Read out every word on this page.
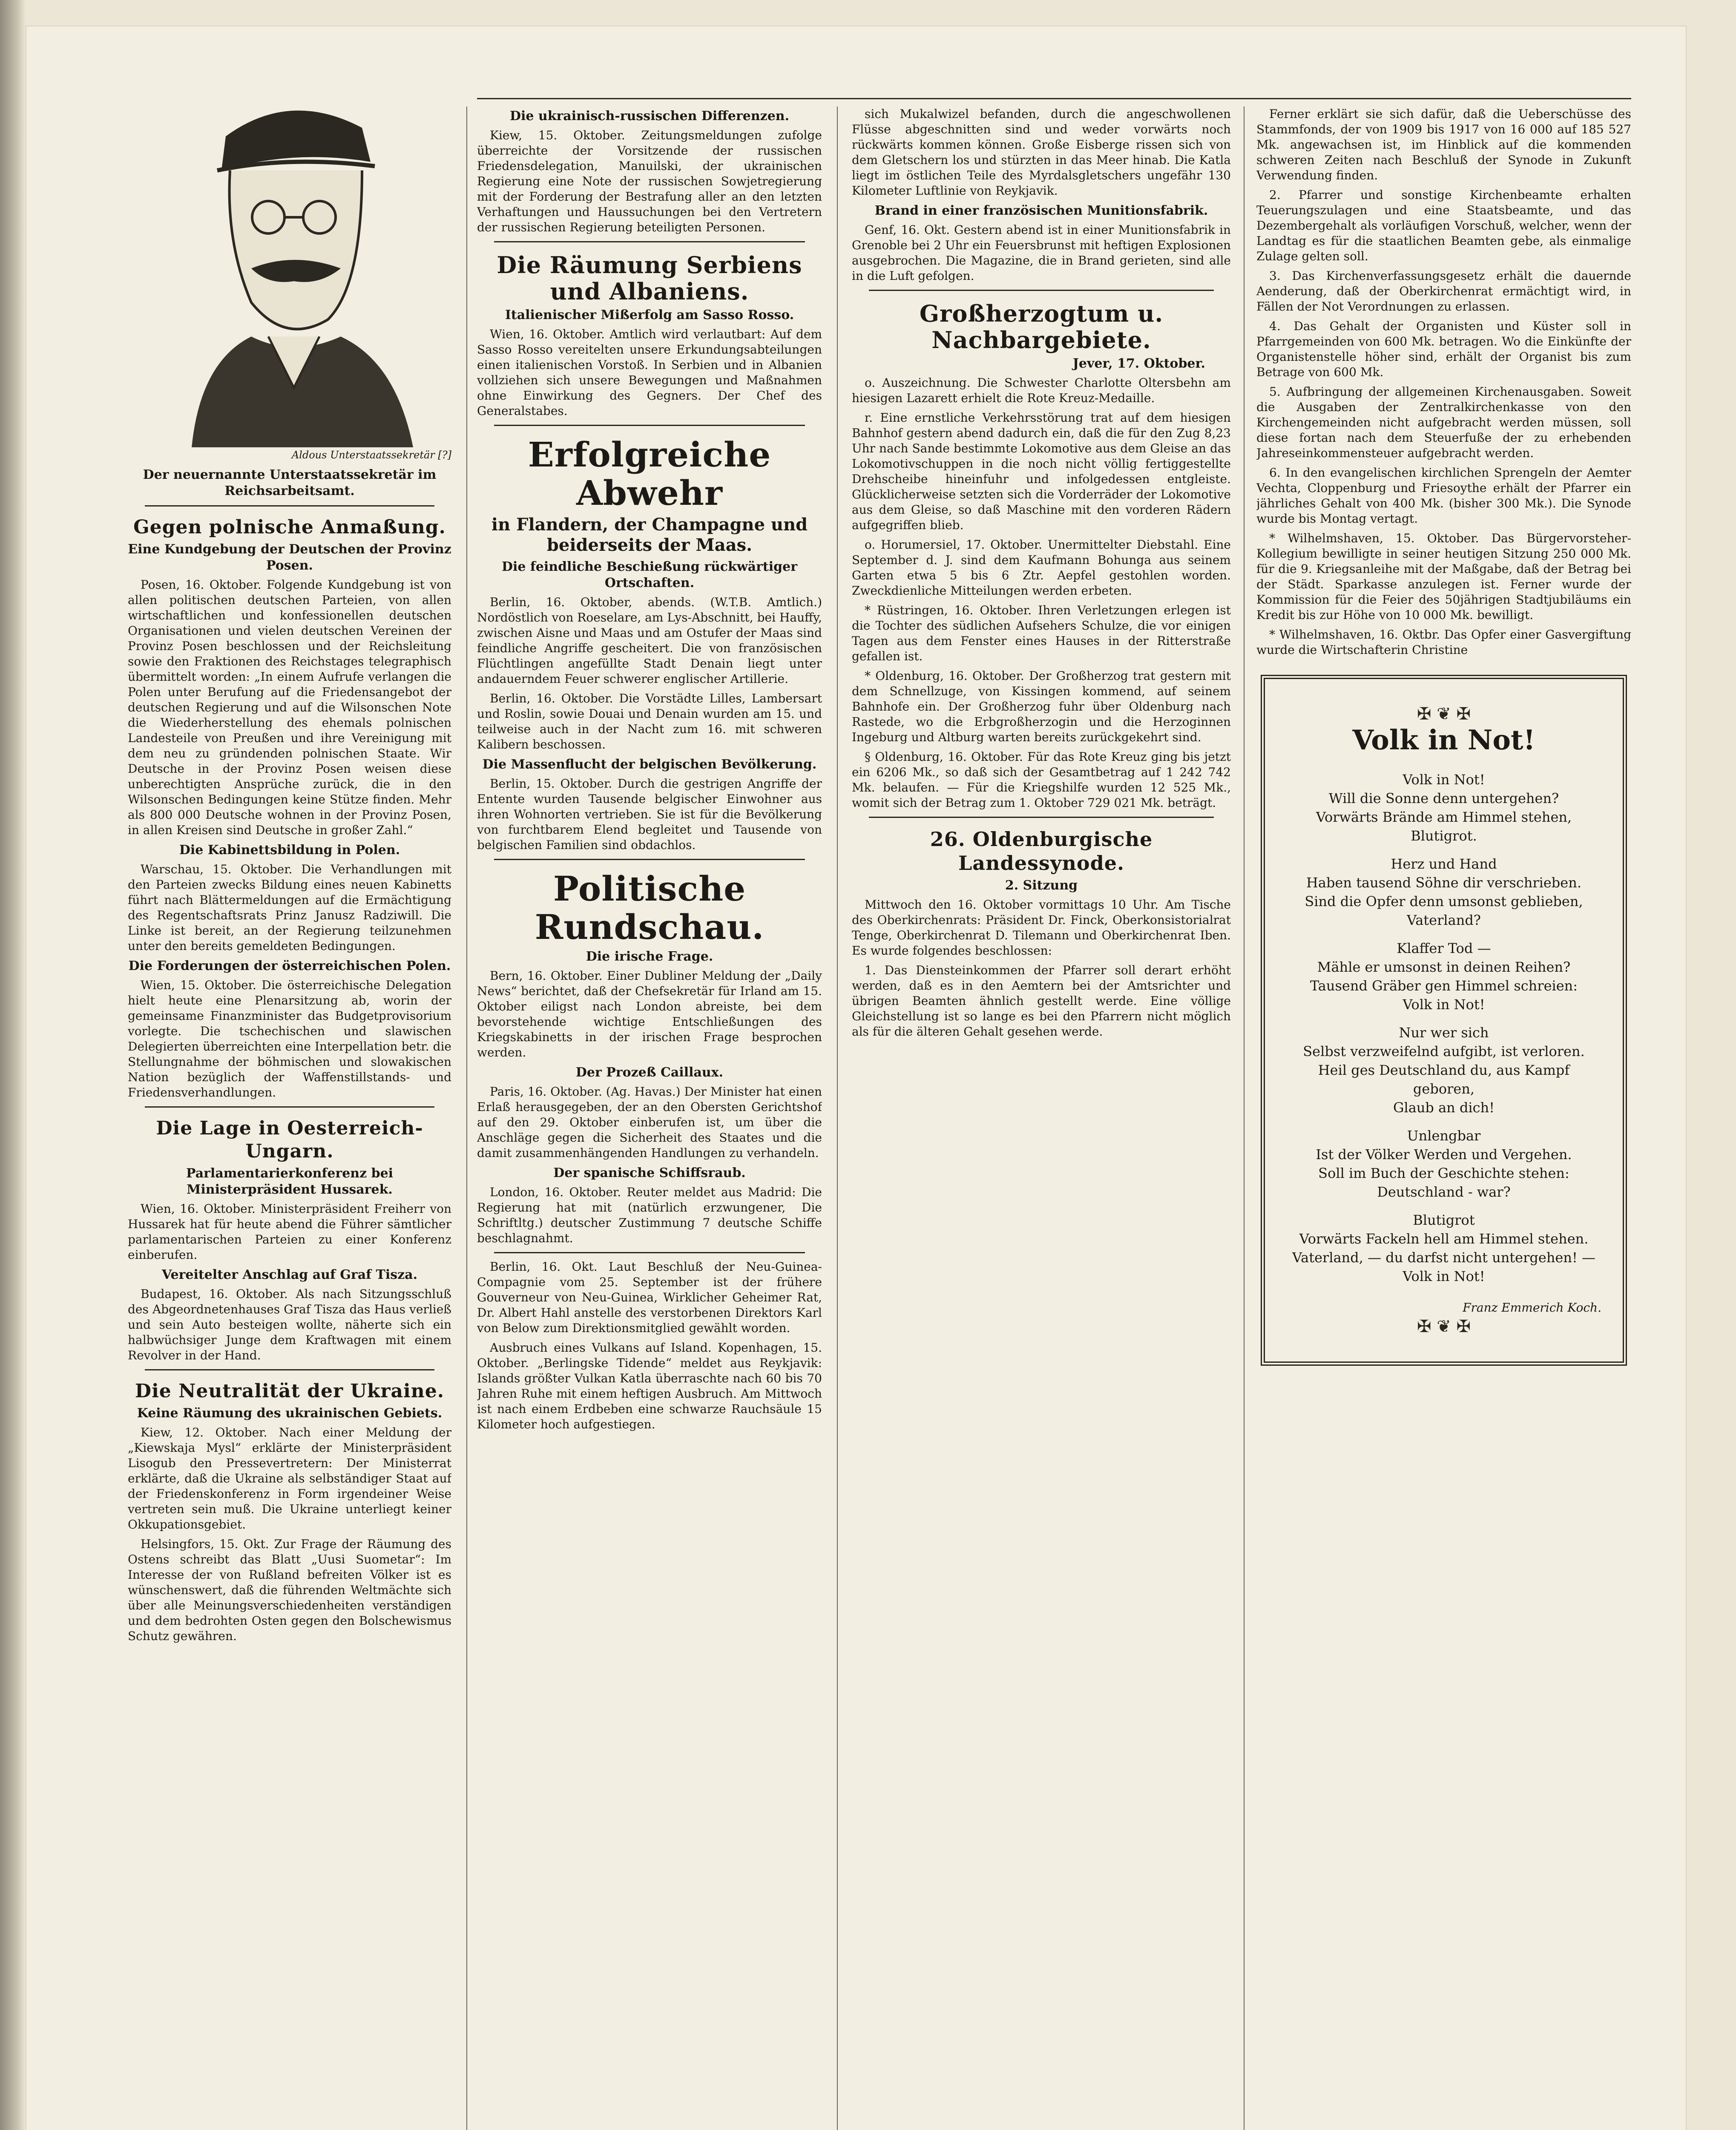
Aldous Unterstaatssekretär [?]
Der neuernannte Unterstaatssekretär im Reichsarbeitsamt.
Gegen polnische Anmaßung.
Eine Kundgebung der Deutschen der Provinz Posen.

Posen, 16. Oktober. Folgende Kundgebung ist von allen politischen deutschen Parteien, von allen wirtschaftlichen und konfessionellen deutschen Organisationen und vielen deutschen Vereinen der Provinz Posen beschlossen und der Reichsleitung sowie den Fraktionen des Reichstages telegraphisch übermittelt worden: „In einem Aufrufe verlangen die Polen unter Berufung auf die Friedensangebot der deutschen Regierung und auf die Wilsonschen Note die Wiederherstellung des ehemals polnischen Landesteile von Preußen und ihre Vereinigung mit dem neu zu gründenden polnischen Staate. Wir Deutsche in der Provinz Posen weisen diese unberechtigten Ansprüche zurück, die in den Wilsonschen Bedingungen keine Stütze finden. Mehr als 800 000 Deutsche wohnen in der Provinz Posen, in allen Kreisen sind Deutsche in großer Zahl.“

Die Kabinettsbildung in Polen.

Warschau, 15. Oktober. Die Verhandlungen mit den Parteien zwecks Bildung eines neuen Kabinetts führt nach Blättermeldungen auf die Ermächtigung des Regentschaftsrats Prinz Janusz Radziwill. Die Linke ist bereit, an der Regierung teilzunehmen unter den bereits gemeldeten Bedingungen.

Die Forderungen der österreichischen Polen.

Wien, 15. Oktober. Die österreichische Delegation hielt heute eine Plenarsitzung ab, worin der gemeinsame Finanzminister das Budgetprovisorium vorlegte. Die tschechischen und slawischen Delegierten überreichten eine Interpellation betr. die Stellungnahme der böhmischen und slowakischen Nation bezüglich der Waffenstillstands- und Friedensverhandlungen.

Die Lage in Oesterreich-Ungarn.
Parlamentarierkonferenz bei Ministerpräsident Hussarek.

Wien, 16. Oktober. Ministerpräsident Freiherr von Hussarek hat für heute abend die Führer sämtlicher parlamentarischen Parteien zu einer Konferenz einberufen.

Vereitelter Anschlag auf Graf Tisza.

Budapest, 16. Oktober. Als nach Sitzungsschluß des Abgeordnetenhauses Graf Tisza das Haus verließ und sein Auto besteigen wollte, näherte sich ein halbwüchsiger Junge dem Kraftwagen mit einem Revolver in der Hand.

Die Neutralität der Ukraine.
Keine Räumung des ukrainischen Gebiets.

Kiew, 12. Oktober. Nach einer Meldung der „Kiewskaja Mysl“ erklärte der Ministerpräsident Lisogub den Pressevertretern: Der Ministerrat erklärte, daß die Ukraine als selbständiger Staat auf der Friedenskonferenz in Form irgendeiner Weise vertreten sein muß. Die Ukraine unterliegt keiner Okkupationsgebiet.

Helsingfors, 15. Okt. Zur Frage der Räumung des Ostens schreibt das Blatt „Uusi Suometar“: Im Interesse der von Rußland befreiten Völker ist es wünschenswert, daß die führenden Weltmächte sich über alle Meinungsverschiedenheiten verständigen und dem bedrohten Osten gegen den Bolschewismus Schutz gewähren.

Die ukrainisch-russischen Differenzen.

Kiew, 15. Oktober. Zeitungsmeldungen zufolge überreichte der Vorsitzende der russischen Friedensdelegation, Manuilski, der ukrainischen Regierung eine Note der russischen Sowjetregierung mit der Forderung der Bestrafung aller an den letzten Verhaftungen und Haussuchungen bei den Vertretern der russischen Regierung beteiligten Personen.

Die Räumung Serbiens und Albaniens.
Italienischer Mißerfolg am Sasso Rosso.

Wien, 16. Oktober. Amtlich wird verlautbart: Auf dem Sasso Rosso vereitelten unsere Erkundungsabteilungen einen italienischen Vorstoß. In Serbien und in Albanien vollziehen sich unsere Bewegungen und Maßnahmen ohne Einwirkung des Gegners. Der Chef des Generalstabes.

Erfolgreiche Abwehr
in Flandern, der Champagne und beiderseits der Maas.
Die feindliche Beschießung rückwärtiger Ortschaften.

Berlin, 16. Oktober, abends. (W.T.B. Amtlich.) Nordöstlich von Roeselare, am Lys-Abschnitt, bei Hauffy, zwischen Aisne und Maas und am Ostufer der Maas sind feindliche Angriffe gescheitert. Die von französischen Flüchtlingen angefüllte Stadt Denain liegt unter andauerndem Feuer schwerer englischer Artillerie.

Berlin, 16. Oktober. Die Vorstädte Lilles, Lambersart und Roslin, sowie Douai und Denain wurden am 15. und teilweise auch in der Nacht zum 16. mit schweren Kalibern beschossen.

Die Massenflucht der belgischen Bevölkerung.

Berlin, 15. Oktober. Durch die gestrigen Angriffe der Entente wurden Tausende belgischer Einwohner aus ihren Wohnorten vertrieben. Sie ist für die Bevölkerung von furchtbarem Elend begleitet und Tausende von belgischen Familien sind obdachlos.

Politische Rundschau.
Die irische Frage.

Bern, 16. Oktober. Einer Dubliner Meldung der „Daily News“ berichtet, daß der Chefsekretär für Irland am 15. Oktober eiligst nach London abreiste, bei dem bevorstehende wichtige Entschließungen des Kriegskabinetts in der irischen Frage besprochen werden.

Der Prozeß Caillaux.

Paris, 16. Oktober. (Ag. Havas.) Der Minister hat einen Erlaß herausgegeben, der an den Obersten Gerichtshof auf den 29. Oktober einberufen ist, um über die Anschläge gegen die Sicherheit des Staates und die damit zusammenhängenden Handlungen zu verhandeln.

Der spanische Schiffsraub.

London, 16. Oktober. Reuter meldet aus Madrid: Die Regierung hat mit (natürlich erzwungener, Die Schriftltg.) deutscher Zustimmung 7 deutsche Schiffe beschlagnahmt.

Berlin, 16. Okt. Laut Beschluß der Neu-Guinea-Compagnie vom 25. September ist der frühere Gouverneur von Neu-Guinea, Wirklicher Geheimer Rat, Dr. Albert Hahl anstelle des verstorbenen Direktors Karl von Below zum Direktionsmitglied gewählt worden.

Ausbruch eines Vulkans auf Island. Kopenhagen, 15. Oktober. „Berlingske Tidende“ meldet aus Reykjavik: Islands größter Vulkan Katla überraschte nach 60 bis 70 Jahren Ruhe mit einem heftigen Ausbruch. Am Mittwoch ist nach einem Erdbeben eine schwarze Rauchsäule 15 Kilometer hoch aufgestiegen.

sich Mukalwizel befanden, durch die angeschwollenen Flüsse abgeschnitten sind und weder vorwärts noch rückwärts kommen können. Große Eisberge rissen sich von dem Gletschern los und stürzten in das Meer hinab. Die Katla liegt im östlichen Teile des Myrdalsgletschers ungefähr 130 Kilometer Luftlinie von Reykjavik.

Brand in einer französischen Munitionsfabrik.

Genf, 16. Okt. Gestern abend ist in einer Munitionsfabrik in Grenoble bei 2 Uhr ein Feuersbrunst mit heftigen Explosionen ausgebrochen. Die Magazine, die in Brand gerieten, sind alle in die Luft gefolgen.

Großherzogtum u. Nachbargebiete.
Jever, 17. Oktober.

o. Auszeichnung. Die Schwester Charlotte Oltersbehn am hiesigen Lazarett erhielt die Rote Kreuz-Medaille.

r. Eine ernstliche Verkehrsstörung trat auf dem hiesigen Bahnhof gestern abend dadurch ein, daß die für den Zug 8,23 Uhr nach Sande bestimmte Lokomotive aus dem Gleise an das Lokomotivschuppen in die noch nicht völlig fertiggestellte Drehscheibe hineinfuhr und infolgedessen entgleiste. Glücklicherweise setzten sich die Vorderräder der Lokomotive aus dem Gleise, so daß Maschine mit den vorderen Rädern aufgegriffen blieb.

o. Horumersiel, 17. Oktober. Unermittelter Diebstahl. Eine September d. J. sind dem Kaufmann Bohunga aus seinem Garten etwa 5 bis 6 Ztr. Aepfel gestohlen worden. Zweckdienliche Mitteilungen werden erbeten.

* Rüstringen, 16. Oktober. Ihren Verletzungen erlegen ist die Tochter des südlichen Aufsehers Schulze, die vor einigen Tagen aus dem Fenster eines Hauses in der Ritterstraße gefallen ist.

* Oldenburg, 16. Oktober. Der Großherzog trat gestern mit dem Schnellzuge, von Kissingen kommend, auf seinem Bahnhofe ein. Der Großherzog fuhr über Oldenburg nach Rastede, wo die Erbgroßherzogin und die Herzoginnen Ingeburg und Altburg warten bereits zurückgekehrt sind.

§ Oldenburg, 16. Oktober. Für das Rote Kreuz ging bis jetzt ein 6206 Mk., so daß sich der Gesamtbetrag auf 1 242 742 Mk. belaufen. — Für die Kriegshilfe wurden 12 525 Mk., womit sich der Betrag zum 1. Oktober 729 021 Mk. beträgt.

26. Oldenburgische Landessynode.
2. Sitzung

Mittwoch den 16. Oktober vormittags 10 Uhr. Am Tische des Oberkirchenrats: Präsident Dr. Finck, Oberkonsistorialrat Tenge, Oberkirchenrat D. Tilemann und Oberkirchenrat Iben. Es wurde folgendes beschlossen:

1. Das Diensteinkommen der Pfarrer soll derart erhöht werden, daß es in den Aemtern bei der Amtsrichter und übrigen Beamten ähnlich gestellt werde. Eine völlige Gleichstellung ist so lange es bei den Pfarrern nicht möglich als für die älteren Gehalt gesehen werde.

Ferner erklärt sie sich dafür, daß die Ueberschüsse des Stammfonds, der von 1909 bis 1917 von 16 000 auf 185 527 Mk. angewachsen ist, im Hinblick auf die kommenden schweren Zeiten nach Beschluß der Synode in Zukunft Verwendung finden.

2. Pfarrer und sonstige Kirchenbeamte erhalten Teuerungszulagen und eine Staatsbeamte, und das Dezembergehalt als vorläufigen Vorschuß, welcher, wenn der Landtag es für die staatlichen Beamten gebe, als einmalige Zulage gelten soll.

3. Das Kirchenverfassungsgesetz erhält die dauernde Aenderung, daß der Oberkirchenrat ermächtigt wird, in Fällen der Not Verordnungen zu erlassen.

4. Das Gehalt der Organisten und Küster soll in Pfarrgemeinden von 600 Mk. betragen. Wo die Einkünfte der Organistenstelle höher sind, erhält der Organist bis zum Betrage von 600 Mk.

5. Aufbringung der allgemeinen Kirchenausgaben. Soweit die Ausgaben der Zentralkirchenkasse von den Kirchengemeinden nicht aufgebracht werden müssen, soll diese fortan nach dem Steuerfuße der zu erhebenden Jahreseinkommensteuer aufgebracht werden.

6. In den evangelischen kirchlichen Sprengeln der Aemter Vechta, Cloppenburg und Friesoythe erhält der Pfarrer ein jährliches Gehalt von 400 Mk. (bisher 300 Mk.). Die Synode wurde bis Montag vertagt.

* Wilhelmshaven, 15. Oktober. Das Bürgervorsteher-Kollegium bewilligte in seiner heutigen Sitzung 250 000 Mk. für die 9. Kriegsanleihe mit der Maßgabe, daß der Betrag bei der Städt. Sparkasse anzulegen ist. Ferner wurde der Kommission für die Feier des 50jährigen Stadtjubiläums ein Kredit bis zur Höhe von 10 000 Mk. bewilligt.

* Wilhelmshaven, 16. Oktbr. Das Opfer einer Gasvergiftung wurde die Wirtschafterin Christine

✠ ❦ ✠
Volk in Not!
Volk in Not!
Will die Sonne denn untergehen?
Vorwärts Brände am Himmel stehen,
Blutigrot.
Herz und Hand
Haben tausend Söhne dir verschrieben.
Sind die Opfer denn umsonst geblieben,
Vaterland?
Klaffer Tod —
Mähle er umsonst in deinen Reihen?
Tausend Gräber gen Himmel schreien:
Volk in Not!
Nur wer sich
Selbst verzweifelnd aufgibt, ist verloren.
Heil ges Deutschland du, aus Kampf geboren,
Glaub an dich!
Unlengbar
Ist der Völker Werden und Vergehen.
Soll im Buch der Geschichte stehen:
Deutschland - war?
Blutigrot
Vorwärts Fackeln hell am Himmel stehen.
Vaterland, — du darfst nicht untergehen! —
Volk in Not!
Franz Emmerich Koch.
✠ ❦ ✠
